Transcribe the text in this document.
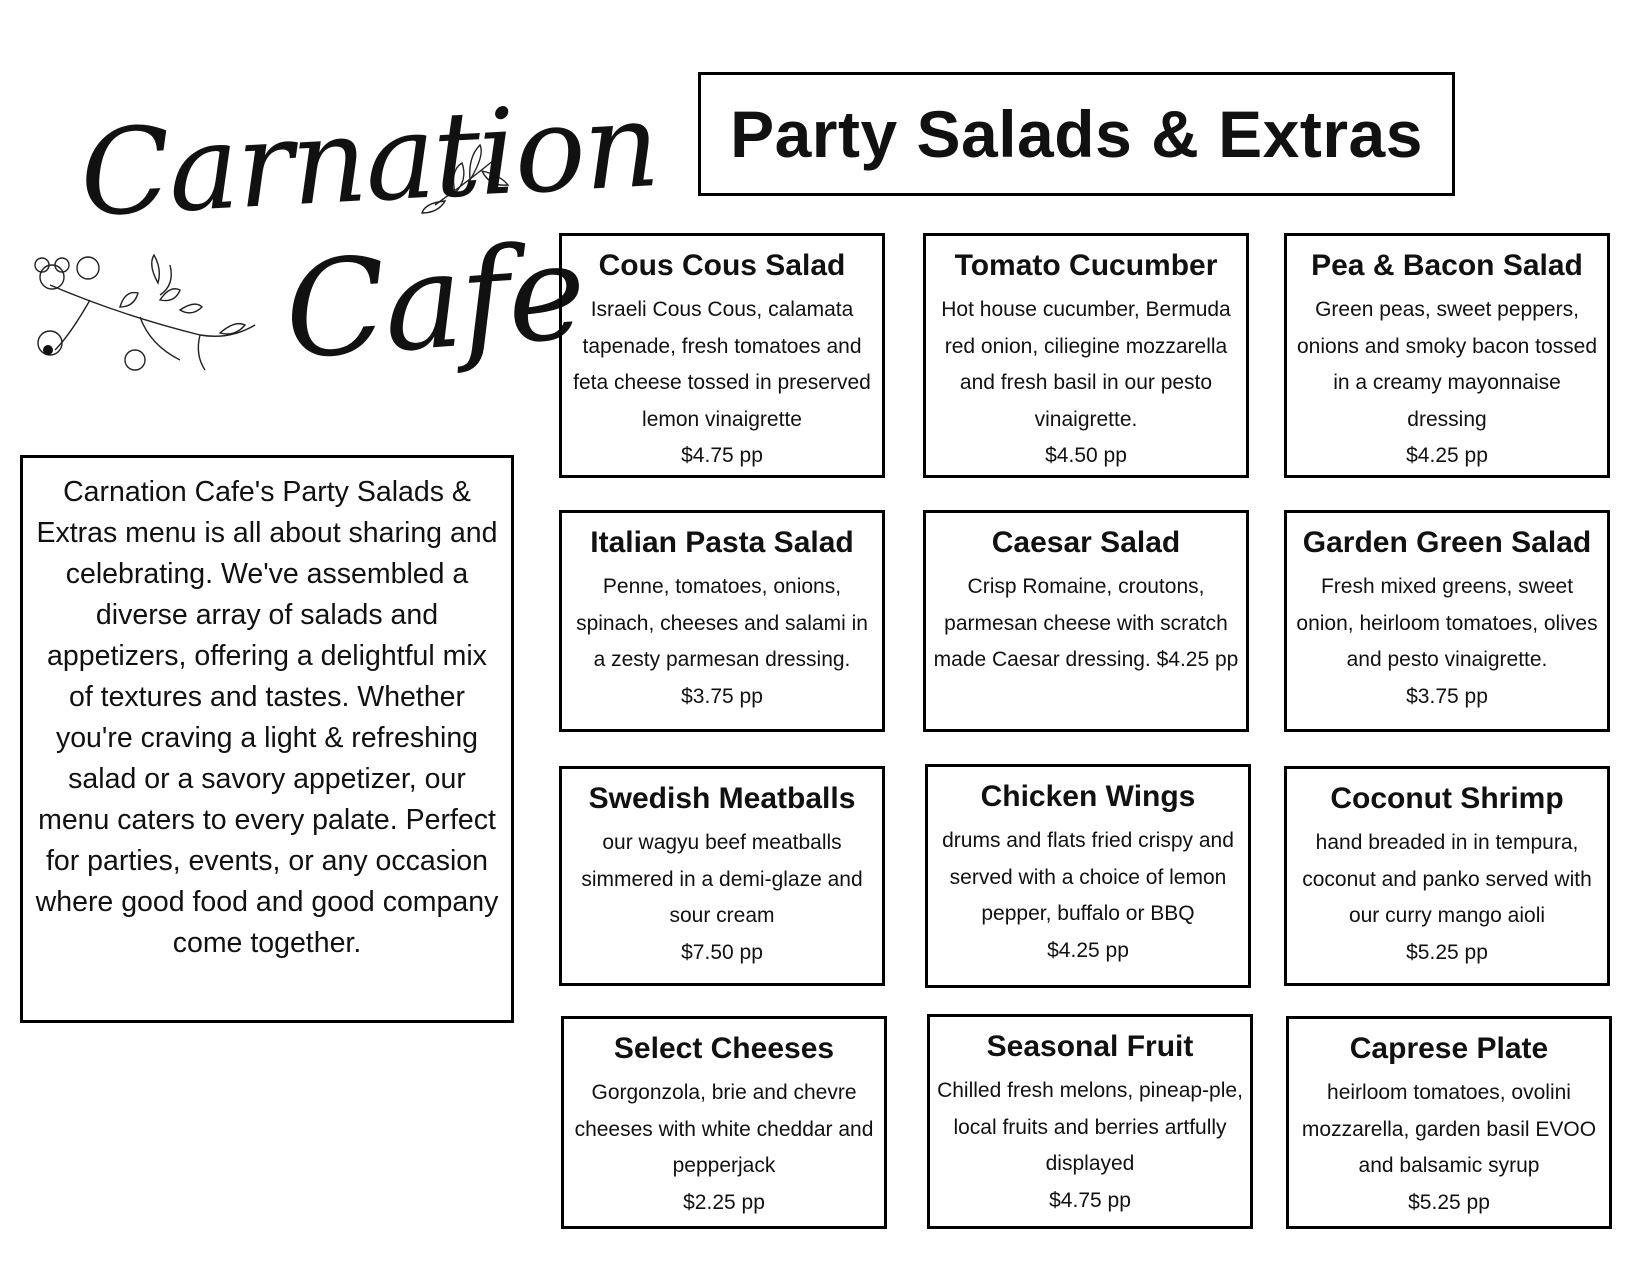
Carnation
Cafe
Party Salads & Extras

Carnation Cafe's Party Salads & Extras menu is all about sharing and celebrating. We've assembled a diverse array of salads and appetizers, offering a delightful mix of textures and tastes. Whether you're craving a light & refreshing salad or a savory appetizer, our menu caters to every palate. Perfect for parties, events, or any occasion where good food and good company come together.

Cous Cous Salad
Israeli Cous Cous, calamata tapenade, fresh tomatoes and feta cheese tossed in preserved lemon vinaigrette
$4.75 pp
Tomato Cucumber
Hot house cucumber, Bermuda red onion, ciliegine mozzarella and fresh basil in our pesto vinaigrette.
$4.50 pp
Pea & Bacon Salad
Green peas, sweet peppers, onions and smoky bacon tossed in a creamy mayonnaise dressing
$4.25 pp
Italian Pasta Salad
Penne, tomatoes, onions, spinach, cheeses and salami in a zesty parmesan dressing.
$3.75 pp
Caesar Salad
Crisp Romaine, croutons, parmesan cheese with scratch made Caesar dressing. $4.25 pp
Garden Green Salad
Fresh mixed greens, sweet onion, heirloom tomatoes, olives and pesto vinaigrette.
$3.75 pp
Swedish Meatballs
our wagyu beef meatballs simmered in a demi-glaze and sour cream
$7.50 pp
Chicken Wings
drums and flats fried crispy and served with a choice of lemon pepper, buffalo or BBQ
$4.25 pp
Coconut Shrimp
hand breaded in in tempura, coconut and panko served with our curry mango aioli
$5.25 pp
Select Cheeses
Gorgonzola, brie and chevre cheeses with white cheddar and pepperjack
$2.25 pp
Seasonal Fruit
Chilled fresh melons, pineap-ple, local fruits and berries artfully displayed
$4.75 pp
Caprese Plate
heirloom tomatoes, ovolini mozzarella, garden basil EVOO and balsamic syrup
$5.25 pp
